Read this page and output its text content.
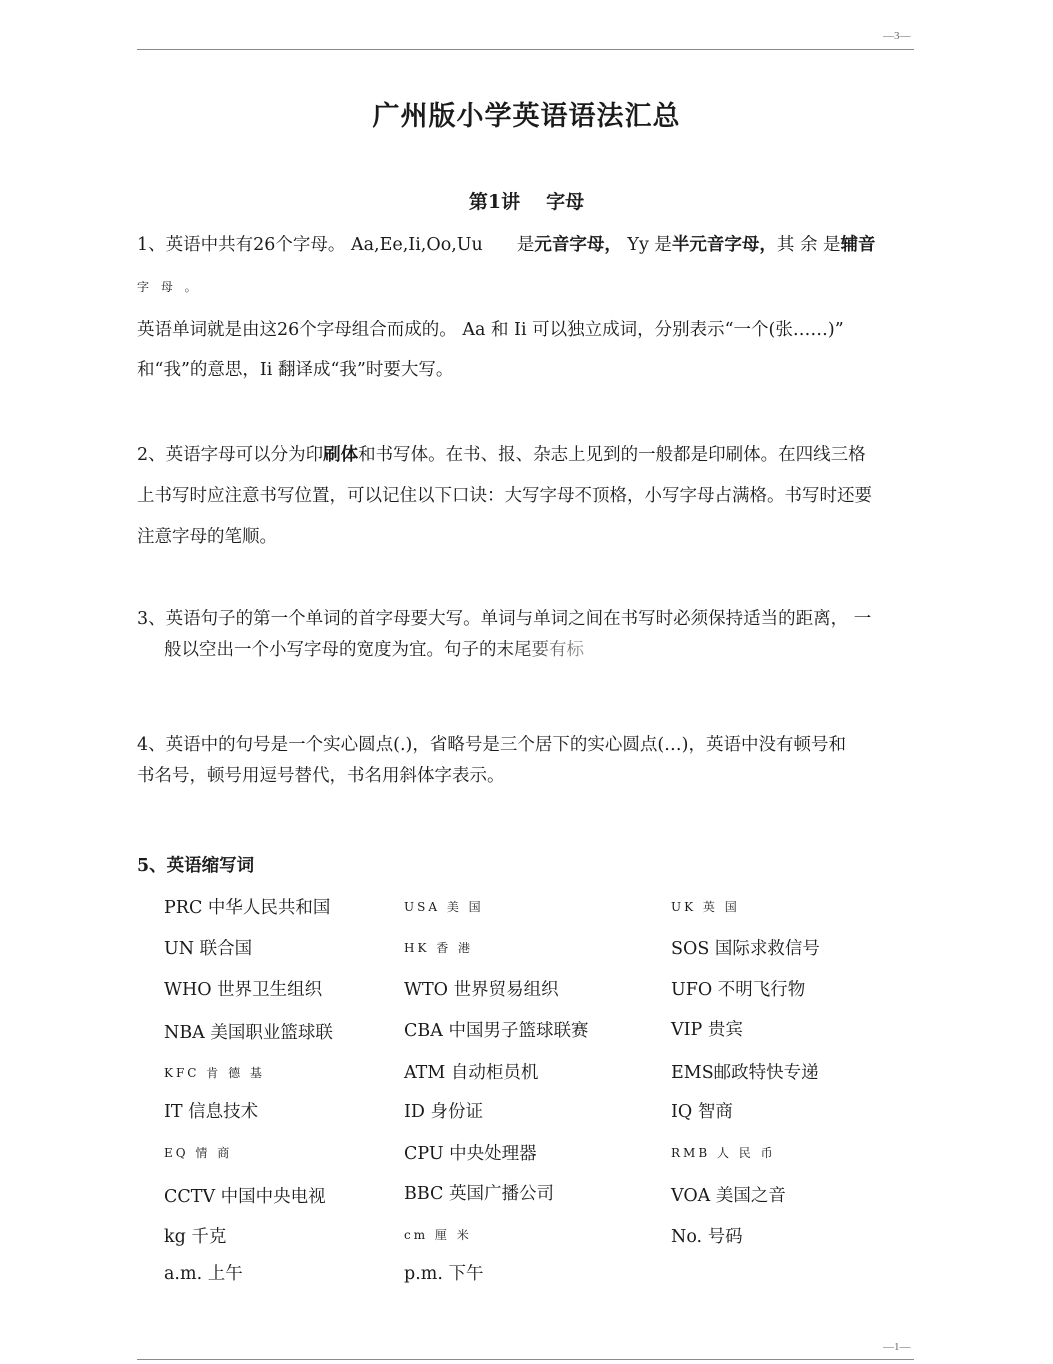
—3—
广州版小学英语语法汇总
第1讲 字母
1、英语中共有26个字母。 Aa,Ee,Ii,Oo,Uu 是元音字母， Yy 是半元音字母，其 余 是辅音
字 母 。
英语单词就是由这26个字母组合而成的。 Aa 和 Ii 可以独立成词，分别表示“一个(张……)”
和“我”的意思，Ii 翻译成“我”时要大写。
2、英语字母可以分为印刷体和书写体。在书、报、杂志上见到的一般都是印刷体。在四线三格
上书写时应注意书写位置，可以记住以下口诀：大写字母不顶格，小写字母占满格。书写时还要
注意字母的笔顺。
3、英语句子的第一个单词的首字母要大写。单词与单词之间在书写时必须保持适当的距离， 一
般以空出一个小写字母的宽度为宜。句子的末尾要有标
4、英语中的句号是一个实心圆点(.)，省略号是三个居下的实心圆点(…)，英语中没有顿号和
书名号，顿号用逗号替代，书名用斜体字表示。
5、英语缩写词
PRC 中华人民共和国	USA 美 国	UK 英 国
UN 联合国	HK 香 港	SOS 国际求救信号
WHO 世界卫生组织	WTO 世界贸易组织	UFO 不明飞行物
NBA 美国职业篮球联	CBA 中国男子篮球联赛	VIP 贵宾
KFC 肯 德 基	ATM 自动柜员机	EMS邮政特快专递
IT 信息技术	ID 身份证	IQ 智商
EQ 情 商	CPU 中央处理器	RMB 人 民 币
CCTV 中国中央电视	BBC 英国广播公司	VOA 美国之音
kg 千克	cm 厘 米	No. 号码
a.m. 上午	p.m. 下午
—1—
